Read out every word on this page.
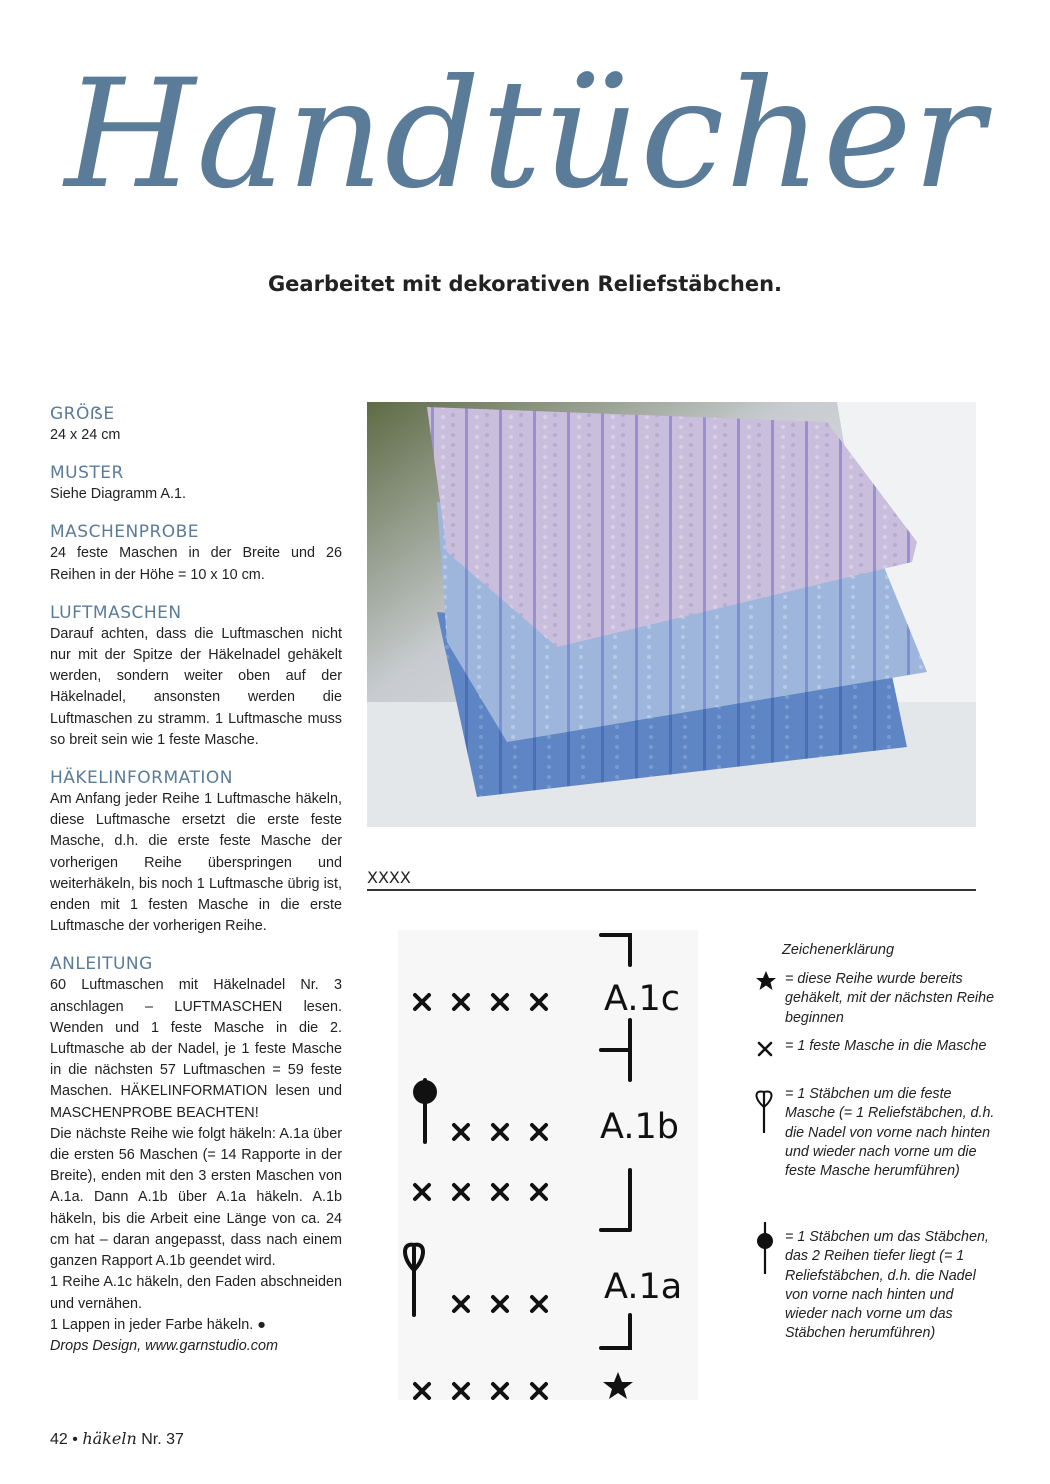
Handtücher
Gearbeitet mit dekorativen Reliefstäbchen.
GRÖẞE
24 x 24 cm
MUSTER
Siehe Diagramm A.1.
MASCHENPROBE
24 feste Maschen in der Breite und 26 Reihen in der Höhe = 10 x 10 cm.
LUFTMASCHEN
Darauf achten, dass die Luftmaschen nicht nur mit der Spitze der Häkelnadel gehäkelt werden, sondern weiter oben auf der Häkelnadel, ansonsten werden die Luftmaschen zu stramm. 1 Luftmasche muss so breit sein wie 1 feste Masche.
HÄKELINFORMATION
Am Anfang jeder Reihe 1 Luftmasche häkeln, diese Luftmasche ersetzt die erste feste Masche, d.h. die erste feste Masche der vorherigen Reihe überspringen und weiterhäkeln, bis noch 1 Luftmasche übrig ist, enden mit 1 festen Masche in die erste Luftmasche der vorherigen Reihe.
ANLEITUNG
60 Luftmaschen mit Häkelnadel Nr. 3 anschlagen – LUFTMASCHEN lesen. Wenden und 1 feste Masche in die 2. Luftmasche ab der Nadel, je 1 feste Masche in die nächsten 57 Luftmaschen = 59 feste Maschen. HÄKELINFORMATION lesen und MASCHENPROBE BEACHTEN!
Die nächste Reihe wie folgt häkeln: A.1a über die ersten 56 Maschen (= 14 Rapporte in der Breite), enden mit den 3 ersten Maschen von A.1a. Dann A.1b über A.1a häkeln. A.1b häkeln, bis die Arbeit eine Länge von ca. 24 cm hat – daran angepasst, dass nach einem ganzen Rapport A.1b geendet wird.
1 Reihe A.1c häkeln, den Faden abschneiden und vernähen.
1 Lappen in jeder Farbe häkeln. ●
Drops Design, www.garnstudio.com
XXXX
A.1c
A.1b
A.1a
Zeichenerklärung
= diese Reihe wurde bereits gehäkelt, mit der nächsten Reihe beginnen
= 1 feste Masche in die Masche
= 1 Stäbchen um die feste Masche (= 1 Reliefstäbchen, d.h. die Nadel von vorne nach hinten und wieder nach vorne um die feste Masche herumführen)
= 1 Stäbchen um das Stäbchen, das 2 Reihen tiefer liegt (= 1 Reliefstäbchen, d.h. die Nadel von vorne nach hinten und wieder nach vorne um das Stäbchen herumführen)
42 • häkeln Nr. 37
